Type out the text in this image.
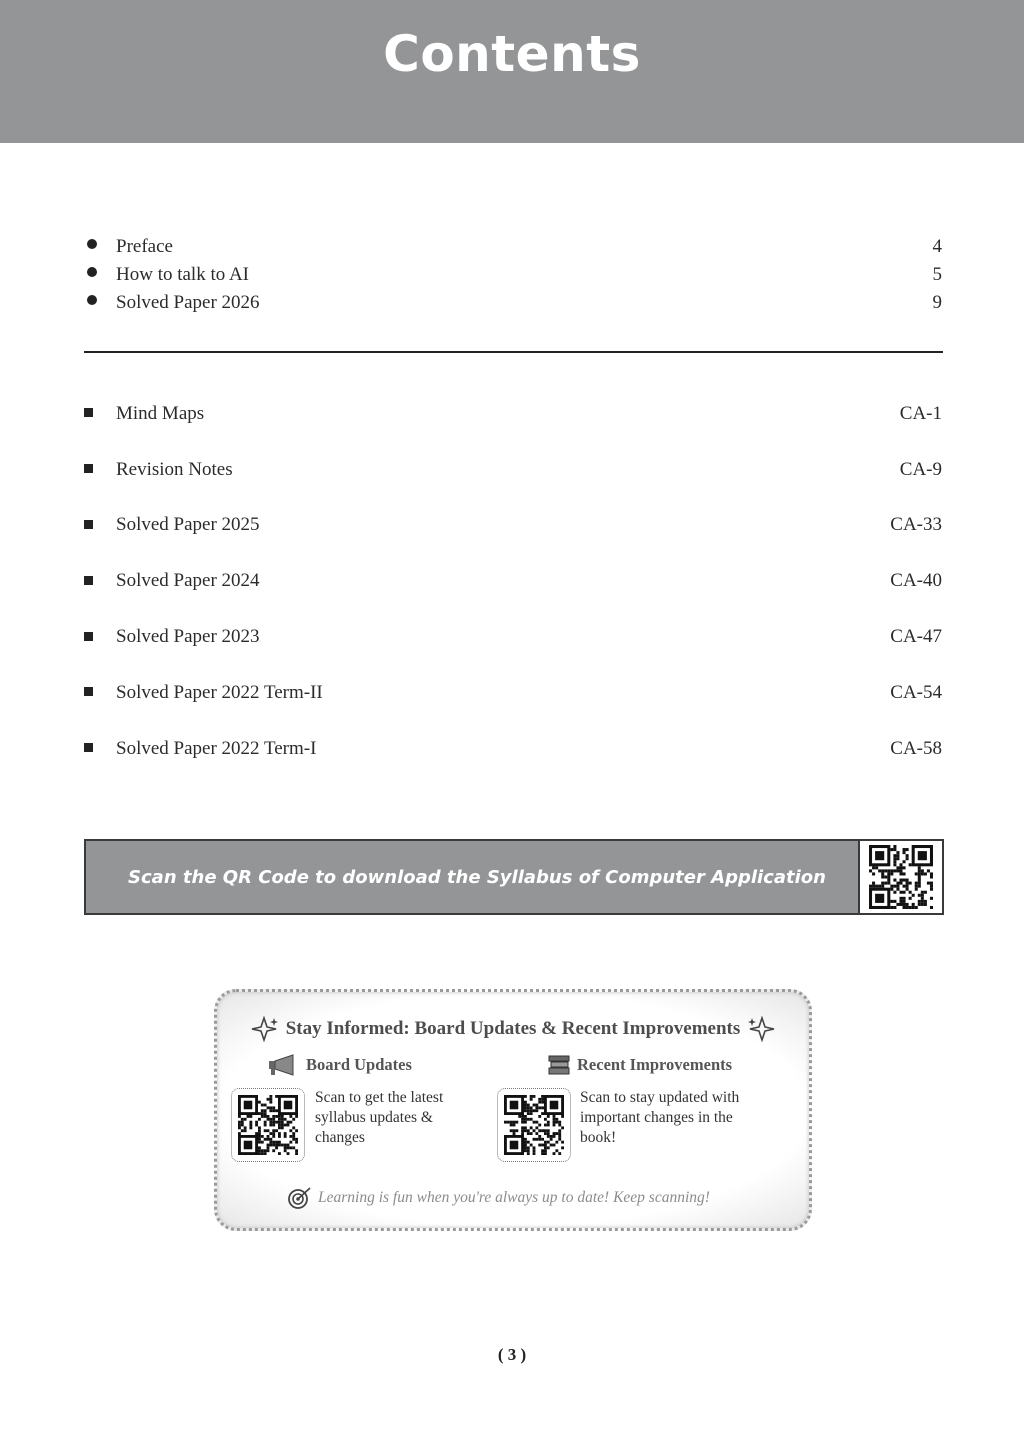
Contents
Preface	4
How to talk to AI	5
Solved Paper 2026	9
Mind Maps	CA-1
Revision Notes	CA-9
Solved Paper 2025	CA-33
Solved Paper 2024	CA-40
Solved Paper 2023	CA-47
Solved Paper 2022 Term-II	CA-54
Solved Paper 2022 Term-I	CA-58
Scan the QR Code to download the Syllabus of Computer Application
Stay Informed: Board Updates & Recent Improvements
Board Updates
Scan to get the latest syllabus updates & changes
Recent Improvements
Scan to stay updated with important changes in the book!
Learning is fun when you're always up to date! Keep scanning!
( 3 )
